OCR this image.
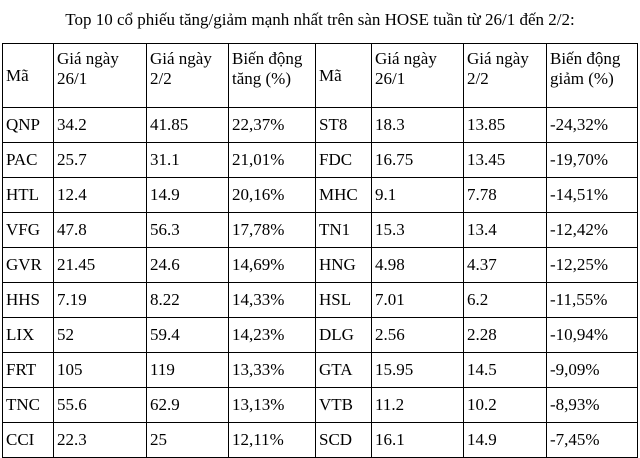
Top 10 cổ phiếu tăng/giảm mạnh nhất trên sàn HOSE tuần từ 26/1 đến 2/2:
Mã	Giá ngày 26/1	Giá ngày 2/2	Biến động tăng (%)	Mã	Giá ngày 26/1	Giá ngày 2/2	Biến động giảm (%)
QNP	34.2	41.85	22,37%	ST8	18.3	13.85	-24,32%
PAC	25.7	31.1	21,01%	FDC	16.75	13.45	-19,70%
HTL	12.4	14.9	20,16%	MHC	9.1	7.78	-14,51%
VFG	47.8	56.3	17,78%	TN1	15.3	13.4	-12,42%
GVR	21.45	24.6	14,69%	HNG	4.98	4.37	-12,25%
HHS	7.19	8.22	14,33%	HSL	7.01	6.2	-11,55%
LIX	52	59.4	14,23%	DLG	2.56	2.28	-10,94%
FRT	105	119	13,33%	GTA	15.95	14.5	-9,09%
TNC	55.6	62.9	13,13%	VTB	11.2	10.2	-8,93%
CCI	22.3	25	12,11%	SCD	16.1	14.9	-7,45%
